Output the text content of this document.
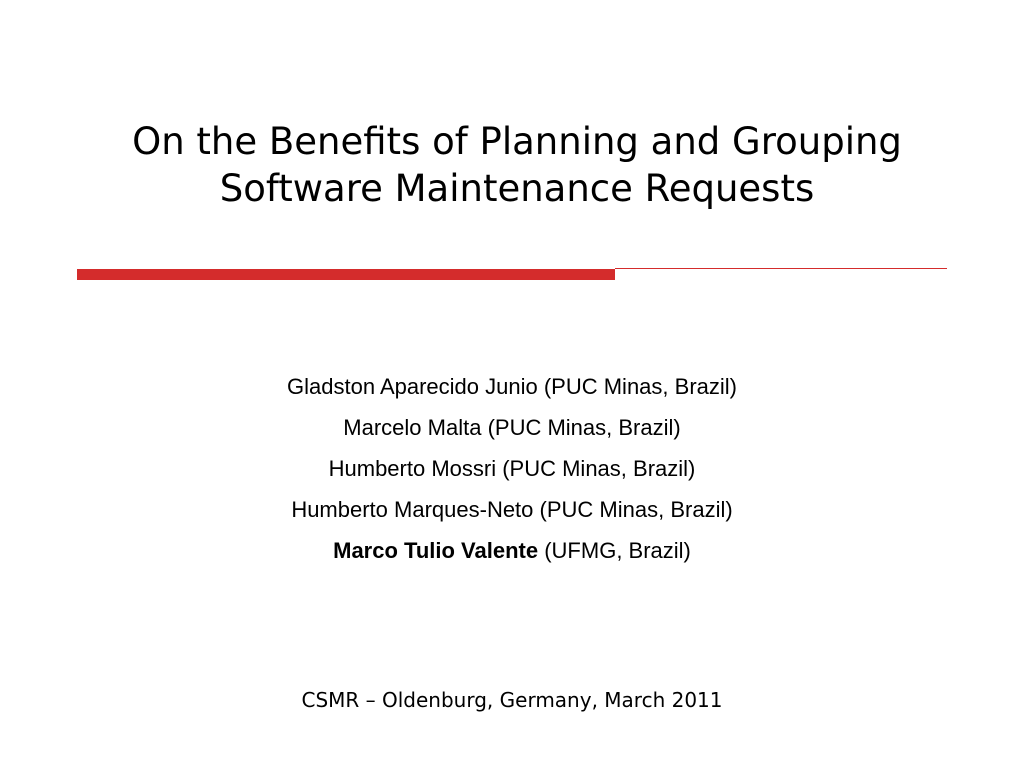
On the Benefits of Planning and Grouping
Software Maintenance Requests
Gladston Aparecido Junio (PUC Minas, Brazil)
Marcelo Malta (PUC Minas, Brazil)
Humberto Mossri (PUC Minas, Brazil)
Humberto Marques-Neto (PUC Minas, Brazil)
Marco Tulio Valente (UFMG, Brazil)
CSMR – Oldenburg, Germany, March 2011
